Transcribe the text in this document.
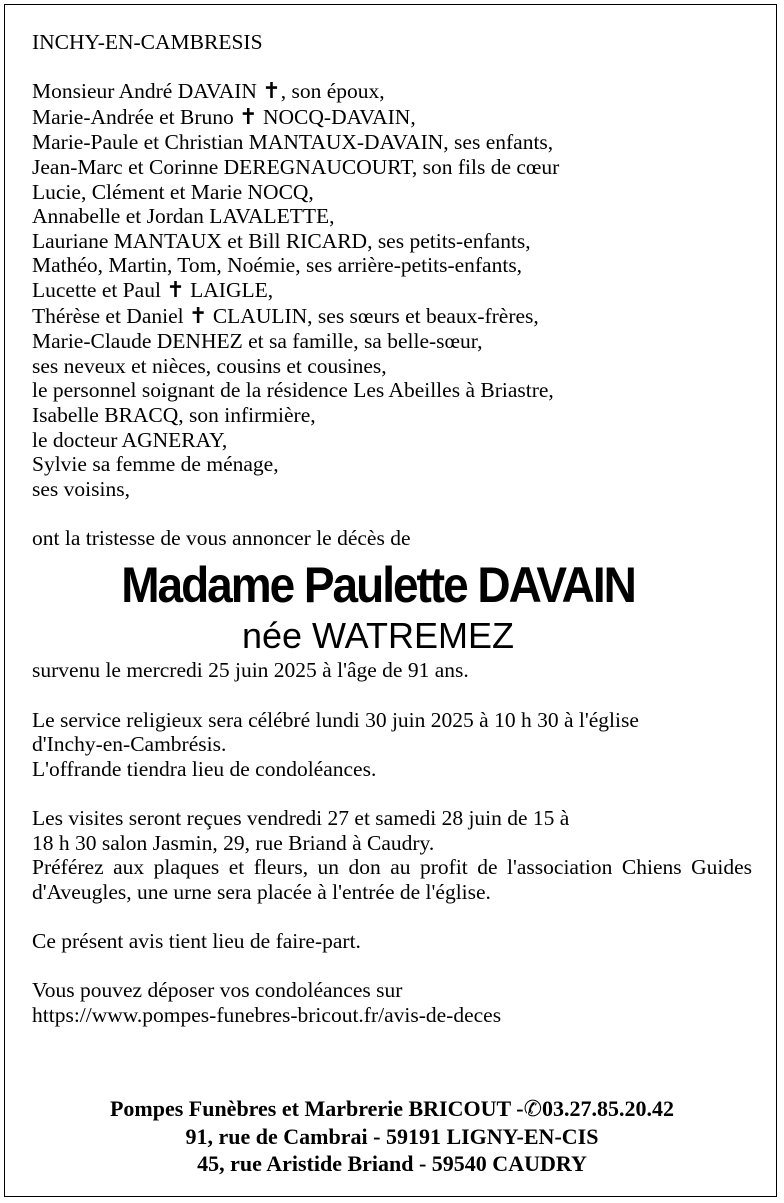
INCHY-EN-CAMBRESIS
Monsieur André DAVAIN ✝, son époux,
Marie-Andrée et Bruno ✝ NOCQ-DAVAIN,
Marie-Paule et Christian MANTAUX-DAVAIN, ses enfants,
Jean-Marc et Corinne DEREGNAUCOURT, son fils de cœur
Lucie, Clément et Marie NOCQ,
Annabelle et Jordan LAVALETTE,
Lauriane MANTAUX et Bill RICARD, ses petits-enfants,
Mathéo, Martin, Tom, Noémie, ses arrière-petits-enfants,
Lucette et Paul ✝ LAIGLE,
Thérèse et Daniel ✝ CLAULIN, ses sœurs et beaux-frères,
Marie-Claude DENHEZ et sa famille, sa belle-sœur,
ses neveux et nièces, cousins et cousines,
le personnel soignant de la résidence Les Abeilles à Briastre,
Isabelle BRACQ, son infirmière,
le docteur AGNERAY,
Sylvie sa femme de ménage,
ses voisins,
ont la tristesse de vous annoncer le décès de
Madame Paulette DAVAIN
née WATREMEZ
survenu le mercredi 25 juin 2025 à l'âge de 91 ans.
Le service religieux sera célébré lundi 30 juin 2025 à 10 h 30 à l'église
d'Inchy-en-Cambrésis.
L'offrande tiendra lieu de condoléances.
Les visites seront reçues vendredi 27 et samedi 28 juin de 15 à
18 h 30 salon Jasmin, 29, rue Briand à Caudry.
Préférez aux plaques et fleurs, un don au profit de l'association Chiens Guides d'Aveugles, une urne sera placée à l'entrée de l'église.
Ce présent avis tient lieu de faire-part.
Vous pouvez déposer vos condoléances sur
https://www.pompes-funebres-bricout.fr/avis-de-deces
Pompes Funèbres et Marbrerie BRICOUT -✆03.27.85.20.42
91, rue de Cambrai - 59191 LIGNY-EN-CIS
45, rue Aristide Briand - 59540 CAUDRY
